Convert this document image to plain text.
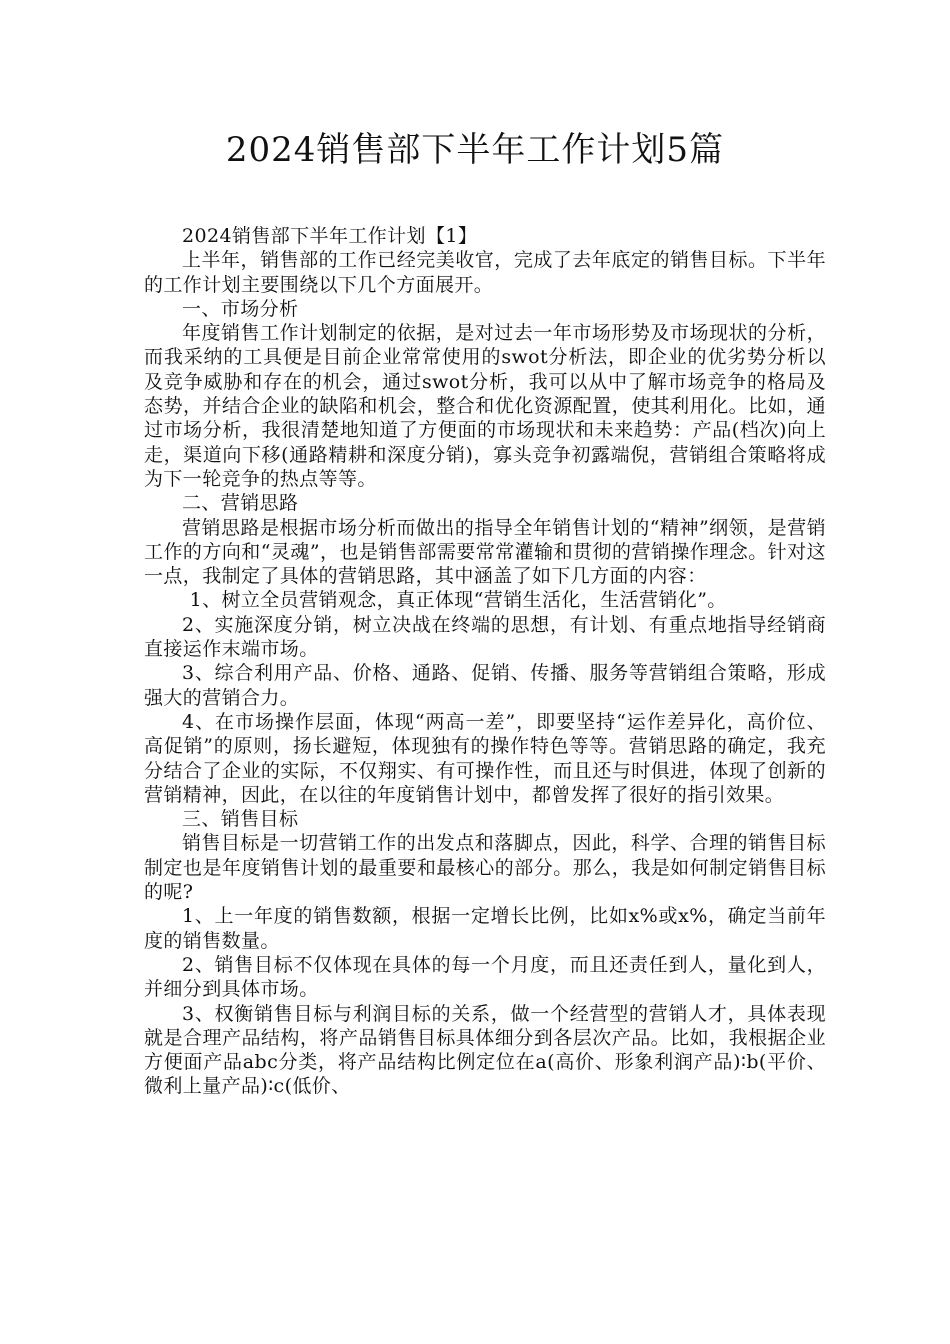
2024销售部下半年工作计划5篇

2024销售部下半年工作计划【1】

上半年，销售部的工作已经完美收官，完成了去年底定的销售目标。下半年的工作计划主要围绕以下几个方面展开。

一、市场分析

年度销售工作计划制定的依据，是对过去一年市场形势及市场现状的分析，而我采纳的工具便是目前企业常常使用的swot分析法，即企业的优劣势分析以及竞争威胁和存在的机会，通过swot分析，我可以从中了解市场竞争的格局及态势，并结合企业的缺陷和机会，整合和优化资源配置，使其利用化。比如，通过市场分析，我很清楚地知道了方便面的市场现状和未来趋势：产品(档次)向上走，渠道向下移(通路精耕和深度分销)，寡头竞争初露端倪，营销组合策略将成为下一轮竞争的热点等等。

二、营销思路

营销思路是根据市场分析而做出的指导全年销售计划的“精神”纲领，是营销工作的方向和“灵魂”，也是销售部需要常常灌输和贯彻的营销操作理念。针对这一点，我制定了具体的营销思路，其中涵盖了如下几方面的内容：

1、树立全员营销观念，真正体现“营销生活化，生活营销化”。

2、实施深度分销，树立决战在终端的思想，有计划、有重点地指导经销商直接运作末端市场。

3、综合利用产品、价格、通路、促销、传播、服务等营销组合策略，形成强大的营销合力。

4、在市场操作层面，体现“两高一差”，即要坚持“运作差异化，高价位、高促销”的原则，扬长避短，体现独有的操作特色等等。营销思路的确定，我充分结合了企业的实际，不仅翔实、有可操作性，而且还与时俱进，体现了创新的营销精神，因此，在以往的年度销售计划中，都曾发挥了很好的指引效果。

三、销售目标

销售目标是一切营销工作的出发点和落脚点，因此，科学、合理的销售目标制定也是年度销售计划的最重要和最核心的部分。那么，我是如何制定销售目标的呢?

1、上一年度的销售数额，根据一定增长比例，比如x%或x%，确定当前年度的销售数量。

2、销售目标不仅体现在具体的每一个月度，而且还责任到人，量化到人，并细分到具体市场。

3、权衡销售目标与利润目标的关系，做一个经营型的营销人才，具体表现就是合理产品结构，将产品销售目标具体细分到各层次产品。比如，我根据企业方便面产品abc分类，将产品结构比例定位在a(高价、形象利润产品)∶b(平价、微利上量产品)∶c(低价、
